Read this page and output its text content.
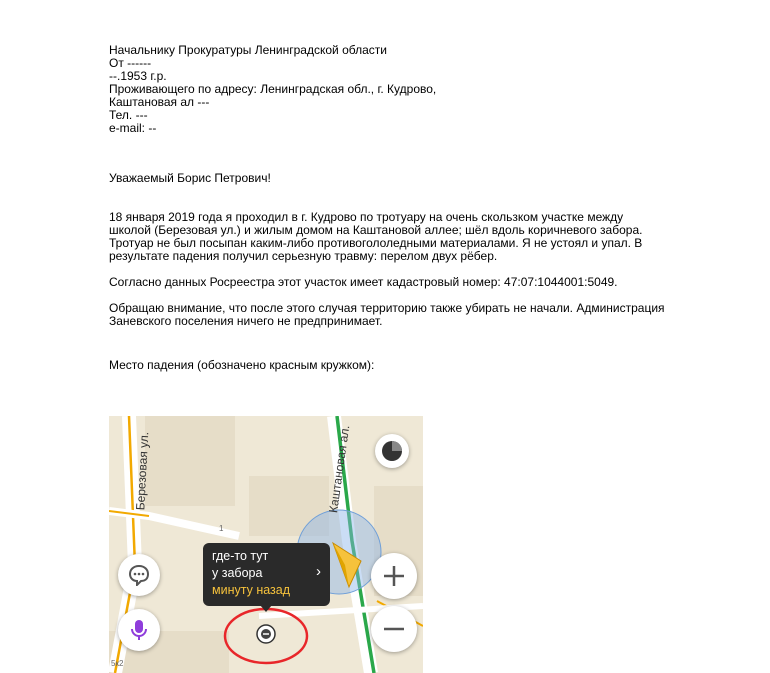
Начальнику Прокуратуры Ленинградской области

От ------

--.1953 г.р.

Проживающего по адресу: Ленинградская обл., г. Кудрово,

Каштановая ал ---

Тел. ---

e-mail: --

Уважаемый Борис Петрович!

18 января 2019 года я проходил в г. Кудрово по тротуару на очень скользком участке между

школой (Березовая ул.) и жилым домом на Каштановой аллее; шёл вдоль коричневого забора.

Тротуар не был посыпан каким-либо противогололедными материалами. Я не устоял и упал. В

результате падения получил серьезную травму: перелом двух рёбер.

Согласно данных Росреестра этот участок имеет кадастровый номер: 47:07:1044001:5049.

Обращаю внимание, что после этого случая территорию также убирать не начали. Администрация

Заневского поселения ничего не предпринимает.

Место падения (обозначено красным кружком):

Березовая ул.	Каштановая ал.
1
5к2
где-то тут
у забора
минуту назад
›
